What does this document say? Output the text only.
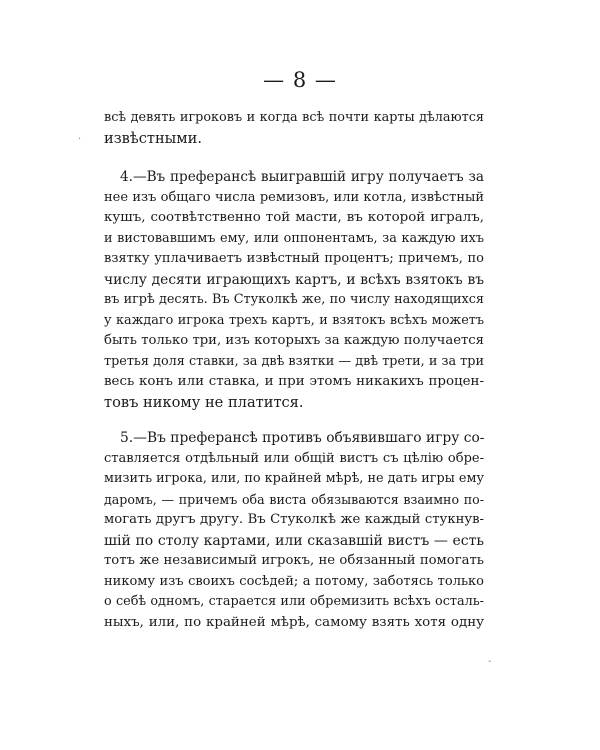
— 8 —
·
всѣ девять игроковъ и когда всѣ почти карты дѣлаются
извѣстными.
4.—Въ преферансѣ выигравшій игру получаетъ за
нее изъ общаго числа ремизовъ, или котла, извѣстный
кушъ, соотвѣтственно той масти, въ которой игралъ,
и вистовавшимъ ему, или оппонентамъ, за каждую ихъ
взятку уплачиваетъ извѣстный процентъ; причемъ, по
числу десяти играющихъ картъ, и всѣхъ взятокъ въ
въ игрѣ десять. Въ Стуколкѣ же, по числу находящихся
у каждаго игрока трехъ картъ, и взятокъ всѣхъ можетъ
быть только три, изъ которыхъ за каждую получается
третья доля ставки, за двѣ взятки — двѣ трети, и за три
весь конъ или ставка, и при этомъ никакихъ процен-
товъ никому не платится.
5.—Въ преферансѣ противъ объявившаго игру со-
ставляется отдѣльный или общій вистъ съ цѣлію обре-
мизить игрока, или, по крайней мѣрѣ, не дать игры ему
даромъ, — причемъ оба виста обязываются взаимно по-
могать другъ другу. Въ Стуколкѣ же каждый стукнув-
шій по столу картами, или сказавшій вистъ — есть
тотъ же независимый игрокъ, не обязанный помогать
никому изъ своихъ сосѣдей; а потому, заботясь только
о себѣ одномъ, старается или обремизить всѣхъ осталь-
ныхъ, или, по крайней мѣрѣ, самому взять хотя одну
-
